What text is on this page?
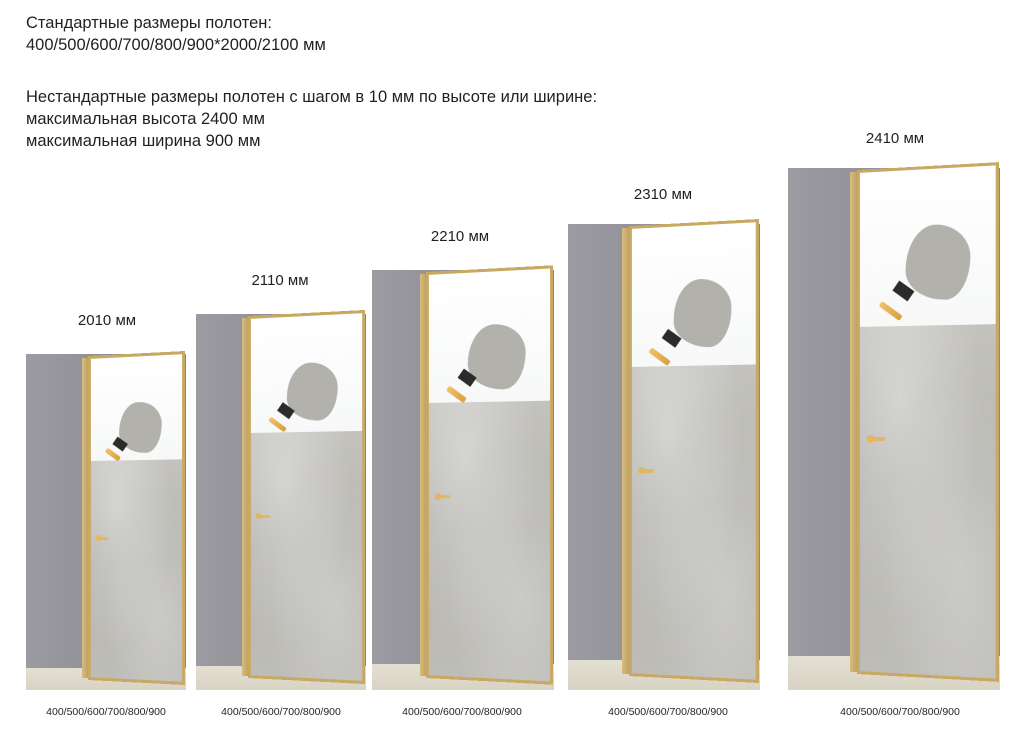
Стандартные размеры полотен:

400/500/600/700/800/900*2000/2100 мм

Нестандартные размеры полотен с шагом в 10 мм по высоте или ширине:

максимальная высота 2400 мм

максимальная ширина 900 мм

2010 мм
400/500/600/700/800/900
2110 мм
400/500/600/700/800/900
2210 мм
400/500/600/700/800/900
2310 мм
400/500/600/700/800/900
2410 мм
400/500/600/700/800/900
